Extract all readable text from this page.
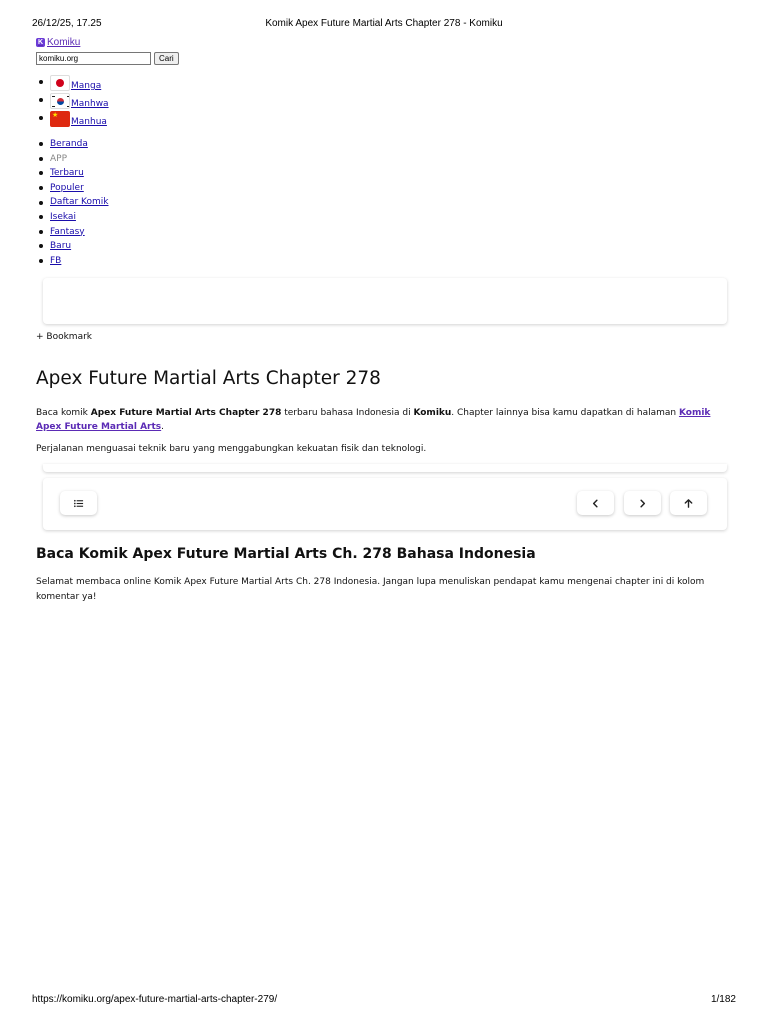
26/12/25, 17.25	Komik Apex Future Martial Arts Chapter 278 - Komiku
K Komiku
komiku.org
Cari
Manga
Manhwa
★
Manhua
Beranda
APP
Terbaru
Populer
Daftar Komik
Isekai
Fantasy
Baru
FB
+ Bookmark
Apex Future Martial Arts Chapter 278

Baca komik Apex Future Martial Arts Chapter 278 terbaru bahasa Indonesia di Komiku. Chapter lainnya bisa kamu dapatkan di halaman Komik Apex Future Martial Arts.

Perjalanan menguasai teknik baru yang menggabungkan kekuatan fisik dan teknologi.

Baca Komik Apex Future Martial Arts Ch. 278 Bahasa Indonesia

Selamat membaca online Komik Apex Future Martial Arts Ch. 278 Indonesia. Jangan lupa menuliskan pendapat kamu mengenai chapter ini di kolom komentar ya!

https://komiku.org/apex-future-martial-arts-chapter-279/	1/182
